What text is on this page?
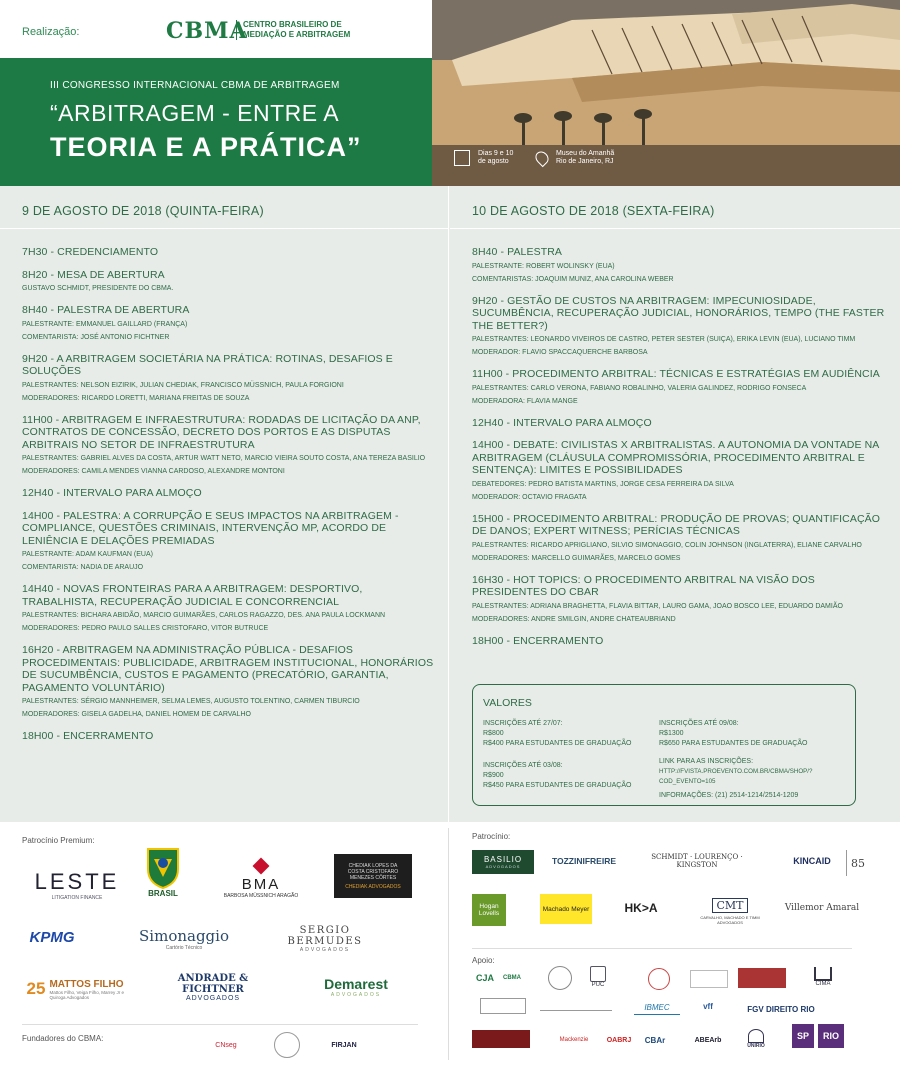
Realização:	CBMA
CENTRO BRASILEIRO DE
MEDIAÇÃO E ARBITRAGEM
III CONGRESSO INTERNACIONAL CBMA DE ARBITRAGEM
“ARBITRAGEM - ENTRE A
TEORIA E A PRÁTICA”	Dias 9 e 10
de agosto
Museu do Amanhã
Rio de Janeiro, RJ
9 DE AGOSTO DE 2018 (QUINTA-FEIRA)
7H30 - CREDENCIAMENTO
8H20 - MESA DE ABERTURA
GUSTAVO SCHMIDT, PRESIDENTE DO CBMA.
8H40 - PALESTRA DE ABERTURA
PALESTRANTE: EMMANUEL GAILLARD (FRANÇA)
COMENTARISTA: JOSÉ ANTONIO FICHTNER
9H20 - A ARBITRAGEM SOCIETÁRIA NA PRÁTICA: ROTINAS, DESAFIOS E SOLUÇÕES
PALESTRANTES: NELSON EIZIRIK, JULIAN CHEDIAK, FRANCISCO MÜSSNICH, PAULA FORGIONI
MODERADORES: RICARDO LORETTI, MARIANA FREITAS DE SOUZA
11H00 - ARBITRAGEM E INFRAESTRUTURA: RODADAS DE LICITAÇÃO DA ANP, CONTRATOS DE CONCESSÃO, DECRETO DOS PORTOS E AS DISPUTAS ARBITRAIS NO SETOR DE INFRAESTRUTURA
PALESTRANTES: GABRIEL ALVES DA COSTA, ARTUR WATT NETO, MARCIO VIEIRA SOUTO COSTA, ANA TEREZA BASILIO
MODERADORES: CAMILA MENDES VIANNA CARDOSO, ALEXANDRE MONTONI
12H40 - INTERVALO PARA ALMOÇO
14H00 - PALESTRA: A CORRUPÇÃO E SEUS IMPACTOS NA ARBITRAGEM - COMPLIANCE, QUESTÕES CRIMINAIS, INTERVENÇÃO MP, ACORDO DE LENIÊNCIA E DELAÇÕES PREMIADAS
PALESTRANTE: ADAM KAUFMAN (EUA)
COMENTARISTA: NADIA DE ARAUJO
14H40 - NOVAS FRONTEIRAS PARA A ARBITRAGEM: DESPORTIVO, TRABALHISTA, RECUPERAÇÃO JUDICIAL E CONCORRENCIAL
PALESTRANTES: BICHARA ABIDÃO, MARCIO GUIMARÃES, CARLOS RAGAZZO, DES. ANA PAULA LOCKMANN
MODERADORES: PEDRO PAULO SALLES CRISTOFARO, VITOR BUTRUCE
16H20 - ARBITRAGEM NA ADMINISTRAÇÃO PÚBLICA - DESAFIOS PROCEDIMENTAIS: PUBLICIDADE, ARBITRAGEM INSTITUCIONAL, HONORÁRIOS DE SUCUMBÊNCIA, CUSTOS E PAGAMENTO (PRECATÓRIO, GARANTIA, PAGAMENTO VOLUNTÁRIO)
PALESTRANTES: SÉRGIO MANNHEIMER, SELMA LEMES, AUGUSTO TOLENTINO, CARMEN TIBURCIO
MODERADORES: GISELA GADELHA, DANIEL HOMEM DE CARVALHO
18H00 - ENCERRAMENTO
10 DE AGOSTO DE 2018 (SEXTA-FEIRA)
8H40 - PALESTRA
PALESTRANTE: ROBERT WOLINSKY (EUA)
COMENTARISTAS: JOAQUIM MUNIZ, ANA CAROLINA WEBER
9H20 - GESTÃO DE CUSTOS NA ARBITRAGEM: IMPECUNIOSIDADE, SUCUMBÊNCIA, RECUPERAÇÃO JUDICIAL, HONORÁRIOS, TEMPO (THE FASTER THE BETTER?)
PALESTRANTES: LEONARDO VIVEIROS DE CASTRO, PETER SESTER (SUIÇA), ERIKA LEVIN (EUA), LUCIANO TIMM
MODERADOR: FLAVIO SPACCAQUERCHE BARBOSA
11H00 - PROCEDIMENTO ARBITRAL: TÉCNICAS E ESTRATÉGIAS EM AUDIÊNCIA
PALESTRANTES: CARLO VERONA, FABIANO ROBALINHO, VALERIA GALINDEZ, RODRIGO FONSECA
MODERADORA: FLAVIA MANGE
12H40 - INTERVALO PARA ALMOÇO
14H00 - DEBATE: CIVILISTAS X ARBITRALISTAS. A AUTONOMIA DA VONTADE NA ARBITRAGEM (CLÁUSULA COMPROMISSÓRIA, PROCEDIMENTO ARBITRAL E SENTENÇA): LIMITES E POSSIBILIDADES
DEBATEDORES: PEDRO BATISTA MARTINS, JORGE CESA FERREIRA DA SILVA
MODERADOR: OCTAVIO FRAGATA
15H00 - PROCEDIMENTO ARBITRAL: PRODUÇÃO DE PROVAS; QUANTIFICAÇÃO DE DANOS; EXPERT WITNESS; PERÍCIAS TÉCNICAS
PALESTRANTES: RICARDO APRIGLIANO, SILVIO SIMONAGGIO, COLIN JOHNSON (INGLATERRA), ELIANE CARVALHO
MODERADORES: MARCELLO GUIMARÃES, MARCELO GOMES
16H30 - HOT TOPICS: O PROCEDIMENTO ARBITRAL NA VISÃO DOS PRESIDENTES DO CBAR
PALESTRANTES: ADRIANA BRAGHETTA, FLAVIA BITTAR, LAURO GAMA, JOAO BOSCO LEE, EDUARDO DAMIÃO
MODERADORES: ANDRE SMILGIN, ANDRE CHATEAUBRIAND
18H00 - ENCERRAMENTO
VALORES
INSCRIÇÕES ATÉ 27/07:
R$800
R$400 PARA ESTUDANTES DE GRADUAÇÃO
INSCRIÇÕES ATÉ 09/08:
R$1300
R$650 PARA ESTUDANTES DE GRADUAÇÃO
INSCRIÇÕES ATÉ 03/08:
R$900
R$450 PARA ESTUDANTES DE GRADUAÇÃO
LINK PARA AS INSCRIÇÕES:
HTTP://FVISTA.PROEVENTO.COM.BR/CBMA/SHOP/?COD_EVENTO=105
INFORMAÇÕES: (21) 2514-1214/2514-1209
Patrocínio Premium:	Patrocínio:
Apoio:
Fundadores do CBMA:
LESTE
LITIGATION FINANCE
BRASIL
BMA
BARBOSA MÜSSNICH ARAGÃO
CHEDIAK LOPES DA COSTA CRISTOFARO MENEZES CÔRTES
CHEDIAK ADVOGADOS
KPMG	Simonaggio
Cartório Técnico
SERGIO BERMUDES
ADVOGADOS
25 MATTOS FILHO
Mattos Filho, Veiga Filho, Marrey Jr e Quiroga Advogados
ANDRADE & FICHTNER
ADVOGADOS
Demarest
ADVOGADOS
CNseg	FIRJAN
BASILIO
ADVOGADOS
TOZZINIFREIRE	SCHMIDT · LOURENÇO · KINGSTON	KINCAID 85
Hogan Lovells
Machado Meyer	HK>A	CMT
CARVALHO, MACHADO E TIMM ADVOGADOS
Villemor Amaral
CJA CBMA
PUC	CIMA
IBMEC	vff	FGV DIREITO RIO
Mackenzie	OABRJ CBAr	ABEArb
UNIRIO
SP RIO
